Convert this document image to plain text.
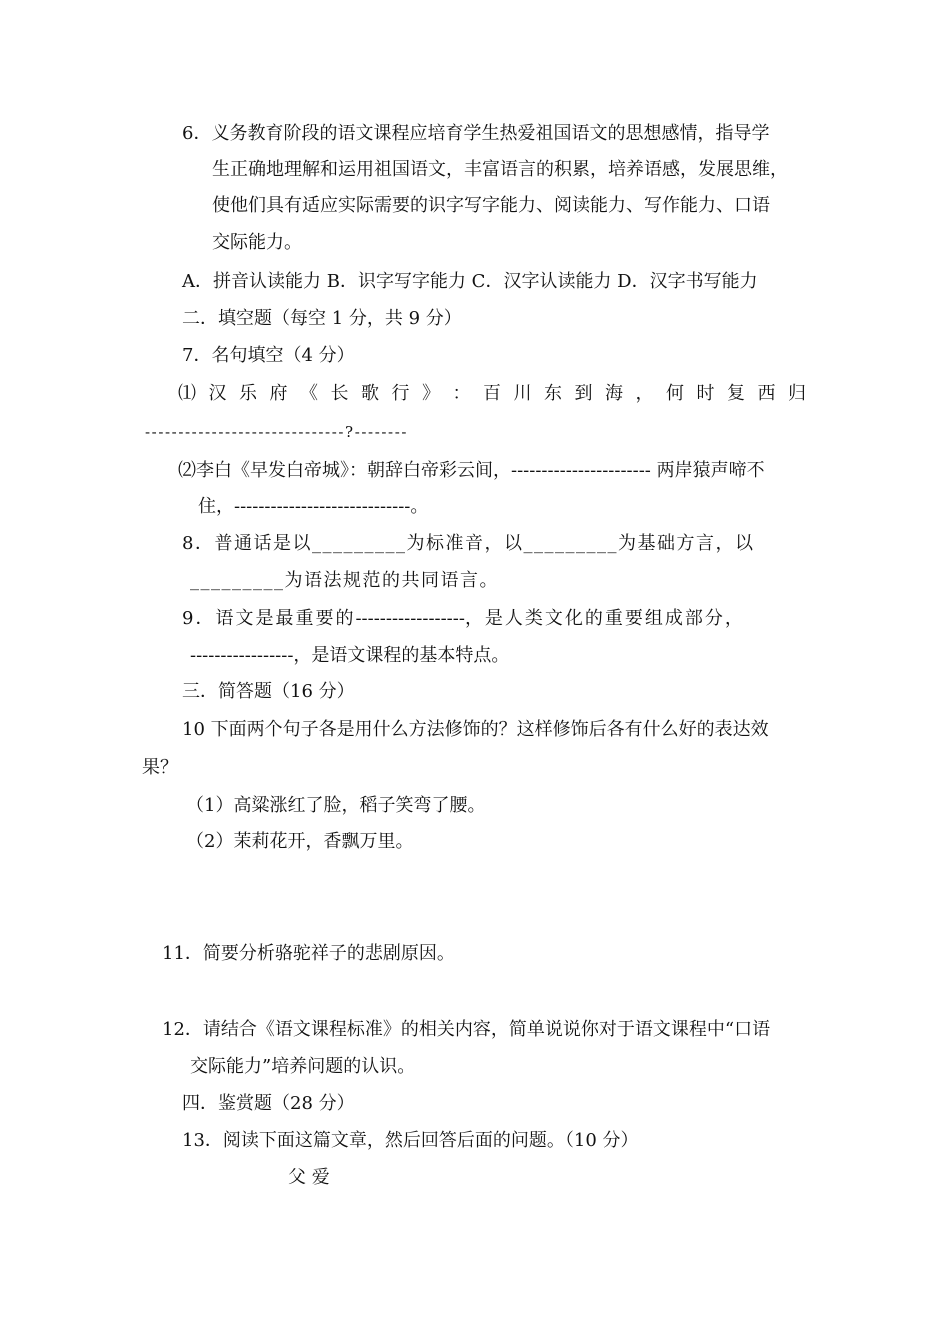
6．义务教育阶段的语文课程应培育学生热爱祖国语文的思想感情，指导学
生正确地理解和运用祖国语文，丰富语言的积累，培养语感，发展思维，
使他们具有适应实际需要的识字写字能力、阅读能力、写作能力、口语
交际能力。
A．拼音认读能力 B．识字写字能力 C．汉字认读能力 D．汉字书写能力
二．填空题（每空 1 分，共 9 分）
7．名句填空（4 分）
⑴ 汉 乐 府 《 长 歌 行 》 ： 百 川 东 到 海 ， 何 时 复 西 归
------------------------------?--------
⑵李白《早发白帝城》：朝辞白帝彩云间，----------------------- 两岸猿声啼不
住，-----------------------------。
8．普通话是以_________为标准音，以_________为基础方言，以
_________为语法规范的共同语言。
9．语文是最重要的------------------，是人类文化的重要组成部分，
-----------------，是语文课程的基本特点。
三．简答题（16 分）
10 下面两个句子各是用什么方法修饰的？这样修饰后各有什么好的表达效
果？
（1）高粱涨红了脸，稻子笑弯了腰。
（2）茉莉花开，香飘万里。
11．简要分析骆驼祥子的悲剧原因。
12．请结合《语文课程标准》的相关内容，简单说说你对于语文课程中“口语
交际能力”培养问题的认识。
四．鉴赏题（28 分）
13．阅读下面这篇文章，然后回答后面的问题。（10 分）
父 爱
